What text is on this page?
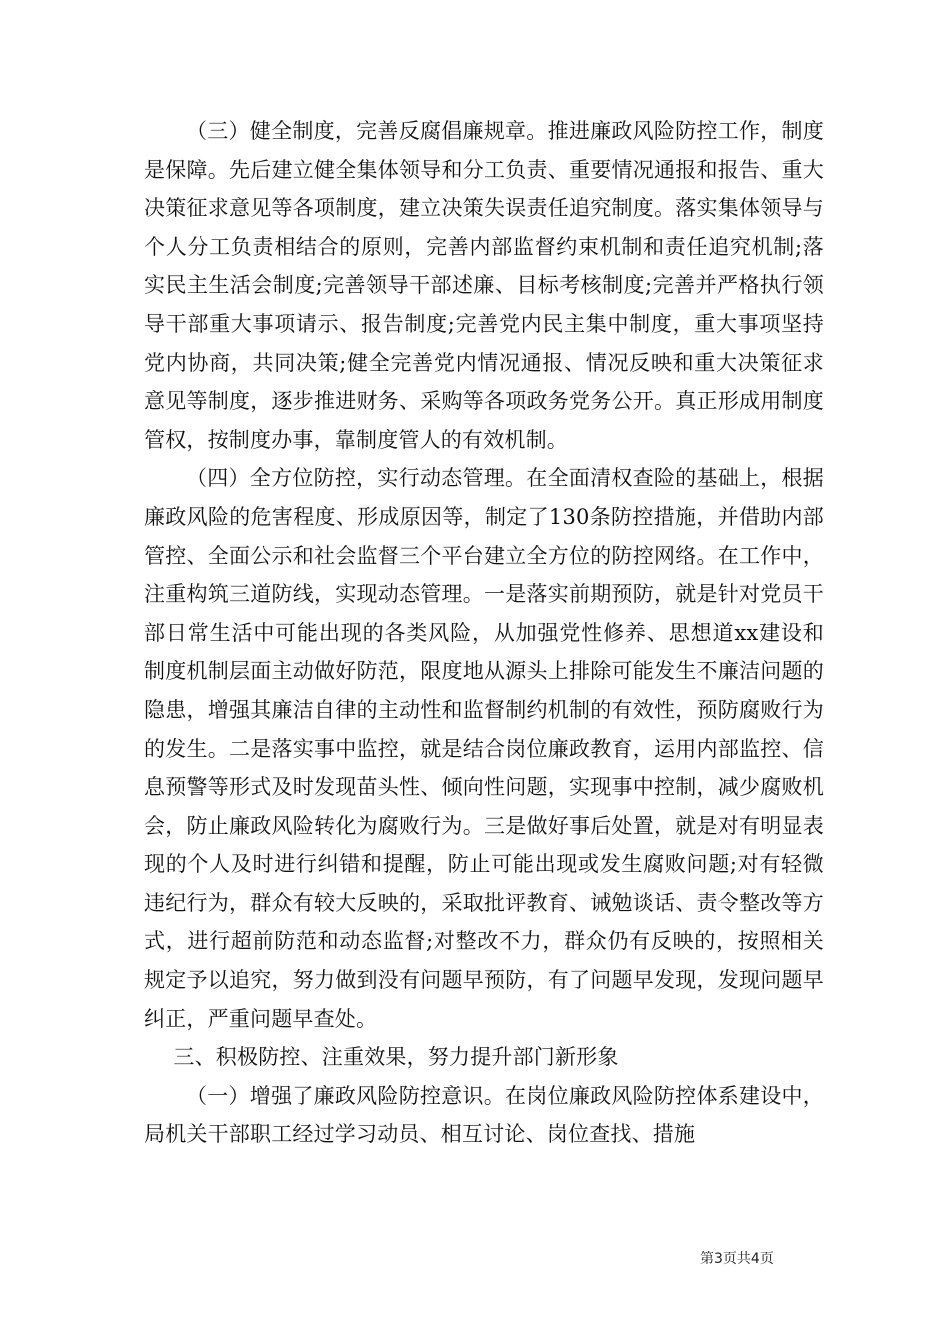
（三）健全制度，完善反腐倡廉规章。推进廉政风险防控工作，制度是保障。先后建立健全集体领导和分工负责、重要情况通报和报告、重大决策征求意见等各项制度，建立决策失误责任追究制度。落实集体领导与个人分工负责相结合的原则，完善内部监督约束机制和责任追究机制;落实民主生活会制度;完善领导干部述廉、目标考核制度;完善并严格执行领导干部重大事项请示、报告制度;完善党内民主集中制度，重大事项坚持党内协商，共同决策;健全完善党内情况通报、情况反映和重大决策征求意见等制度，逐步推进财务、采购等各项政务党务公开。真正形成用制度管权，按制度办事，靠制度管人的有效机制。

（四）全方位防控，实行动态管理。在全面清权查险的基础上，根据廉政风险的危害程度、形成原因等，制定了130条防控措施，并借助内部管控、全面公示和社会监督三个平台建立全方位的防控网络。在工作中，注重构筑三道防线，实现动态管理。一是落实前期预防，就是针对党员干部日常生活中可能出现的各类风险，从加强党性修养、思想道xx建设和制度机制层面主动做好防范，限度地从源头上排除可能发生不廉洁问题的隐患，增强其廉洁自律的主动性和监督制约机制的有效性，预防腐败行为的发生。二是落实事中监控，就是结合岗位廉政教育，运用内部监控、信息预警等形式及时发现苗头性、倾向性问题，实现事中控制，减少腐败机会，防止廉政风险转化为腐败行为。三是做好事后处置，就是对有明显表现的个人及时进行纠错和提醒，防止可能出现或发生腐败问题;对有轻微违纪行为，群众有较大反映的，采取批评教育、诫勉谈话、责令整改等方式，进行超前防范和动态监督;对整改不力，群众仍有反映的，按照相关规定予以追究，努力做到没有问题早预防，有了问题早发现，发现问题早纠正，严重问题早查处。

三、积极防控、注重效果，努力提升部门新形象

（一）增强了廉政风险防控意识。在岗位廉政风险防控体系建设中，局机关干部职工经过学习动员、相互讨论、岗位查找、措施

第3页共4页
